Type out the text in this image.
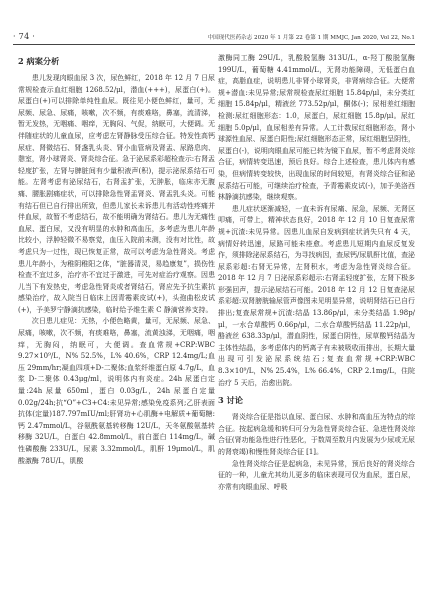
· 74 ·	中国现代医药杂志 2020 年 1 月第 22 卷第 1 期 MMJC, Jan 2020, Vol 22, No.1
2 病案分析

患儿发现肉眼血尿 3 次，尿色鲜红，2018 年 12 月 7 日尿常规检查示血红细胞 1268.52/μl，潜血(+++)，尿蛋白(+)。尿蛋白(+)可以排除单纯性血尿。既往见小便色鲜红，量可，无尿频、尿急、尿痛，咳嗽，次不频，有痰难咯，鼻塞，流清涕，暂无发热，无咽痛、咽痒，无胸闷、气促，纳眠可，大便调。无伴随症状的儿童血尿，应考虑左肾静脉受压综合征。特发性高钙尿症、肾微结石、肾盏乳头炎、肾小血管病及肾盂、尿路息肉、憩室，肾小球肾炎、肾炎综合征。急于泌尿系彩超检查示:右肾盂轻度扩张，左肾与脾脏间有少量积液声(积)，提示泌尿系结石可能。左肾考虑有泌尿结石，右肾盂扩张，无肿胀，临床亦无腹痛、腰胀剧痛症状，可以排除急性肾盂肾炎、肾盂乳头炎。可能有结石但已自行排出所致，但患儿家长未诉患儿有活动性疼痛并伴血尿，故暂不考虑结石，故不能明确为肾结石。患儿为无痛性血尿、蛋白尿，又没有明显的水肿和高血压，多考虑为患儿年龄比较小，浮肿轻微不易察觉，血压入院前未测，没有对比性，故考虑只为一过性，现已恢复正常，故可以考虑为急性肾炎。考虑患儿年龄小，为稚阴稚阳之体，“脏器清灵，易趋康复”，损伤性检查不宜过多，治疗亦不宜过于激进，可先对症治疗观察。因患儿当下有发热史，考虑急性肾炎或者肾结石，肾应先予抗生素抗感染治疗，故入院当日临床上因青霉素皮试(+)，头孢曲松皮试(+)，予美罗宁静滴抗感染，临时给予维生素 C 静滴营养支持。

次日患儿症见：无热，小便色略黄，量可，无尿频、尿急、尿痛，咳嗽，次不频，有痰难咯，鼻塞，流黄浊涕，无咽痛，咽痒，无胸闷，纳眠可，大便调。查血常规+CRP:WBC 9.27×10⁹/L，N% 52.5%，L% 40.6%，CRP 12.4mg/L;血压 29mm/hr;凝血四项+D-二聚体;血浆纤维蛋白原 4.7g/L，血浆 D-二聚体 0.43μg/ml，说明体内有炎症。24h 尿蛋白定量:24h 尿量 650ml，蛋白 0.03g/L，24h 尿蛋白定量 0.02g/24h;抗“O”+C3+C4:未见异常;感染免疫系列;乙肝表面抗体(定量)187.797mIU/ml;肝肾功+心肌酶+电解质+葡萄糖:钙 2.47mmol/L，谷氨酰氨基转移酶 12U/L，天冬氨酸氨基转移酶 32U/L，白蛋白 42.8mmol/L，前白蛋白 114mg/L，碱性磷酸酶 233U/L，尿素 3.32mmol/L，肌酐 19μmol/L，肌酸激酶 78U/L，肌酸

激酶同工酶 29U/L，乳酸脱氢酶 313U/L，α-羟丁酸脱氢酶 199U/L，葡萄糖 4.41mmol/L，无肾功能障碍，无低蛋白血症，高脂血症，说明患儿非肾小球肾炎，非肾病综合征。大便常规+潜血:未见异常;尿常规检查尿红细胞 15.84p/μl，未分类红细胞 15.84p/μl，精液丝 773.52p/μl，酮体(-)；尿相差红细胞检测:尿红细胞形态：1.0，尿蛋白，尿红细胞 15.8p/μl。尿红细胞 5.0p/μl，血尿相差有异常。人工计数尿红细胞形态，肾小球源性血尿、尿蛋白阳性;尿红细胞形态正常，尿红细胞呈阴性，尿蛋白(-)，说明肉眼血尿可能已转为镜下血尿，暂不考虑肾炎综合征，病情转变迅速，预后良好。综合上述检查，患儿体内有感染，但病情转变较快，出现血尿的时间较短，有肾炎综合征和泌尿系结石可能，可继续治疗检查，予青霉素皮试(-)，加予美洛西林静滴抗感染，继续观察。

患儿症状逐渐减轻，一直未诉有尿痛、尿急，尿频、无肾区叩痛，可带上，精神状态良好，2018 年 12 月 10 日复查尿常规+沉渣:未见异常。因患儿血尿自发病到症状消失只有 4 天，病情好转迅速，尿路可能未痊愈。考虑患儿短期内血尿反复发作，须排除泌尿系结石，为寻找病因，查尿钙/尿肌酐比值，查泌尿系彩超:右肾无异常，左肾积水，考虑为急性肾炎综合征。2018 年 12 月 7 日泌尿系彩超示:右肾盂轻度扩张，左肾下极多形强回声，提示泌尿结石可能。2018 年 12 月 12 日复查泌尿系彩超:双肾膀胱输尿管声像图未见明显异常，说明肾结石已自行排出;复查尿常规+沉渣:结晶 13.86p/μl，未分类结晶 1.98p/μl，一水合草酸钙 0.66p/μl，二水合草酸钙结晶 11.22p/μl，酪液丝 638.33p/μl，潜血阴性，尿蛋白阴性，尿草酸钙结晶为主体性结晶，多考虑体内的钙离子有未被吸收而排出，长期大量出现可引发泌尿系统结石;复查血常规+CRP:WBC 8.3×10⁹/L，N% 25.4%，L% 66.4%，CRP 2.1mg/L，住院治疗 5 天后，治愈出院。

3 讨论

肾炎综合征是指以血尿、蛋白尿、水肿和高血压为特点的综合征。按起病急缓和转归可分为急性肾炎综合征、急进性肾炎综合征(肾功能急性进行性恶化，于数周至数月内发展为少尿或无尿的肾衰竭)和慢性肾炎综合征 [1]。

急性肾炎综合征是起病急，未见异常，预后良好的肾炎综合征的一种，儿童尤其幼儿更多的临床表现可仅为血尿，蛋白尿，亦常有肉眼血尿、呼吸
